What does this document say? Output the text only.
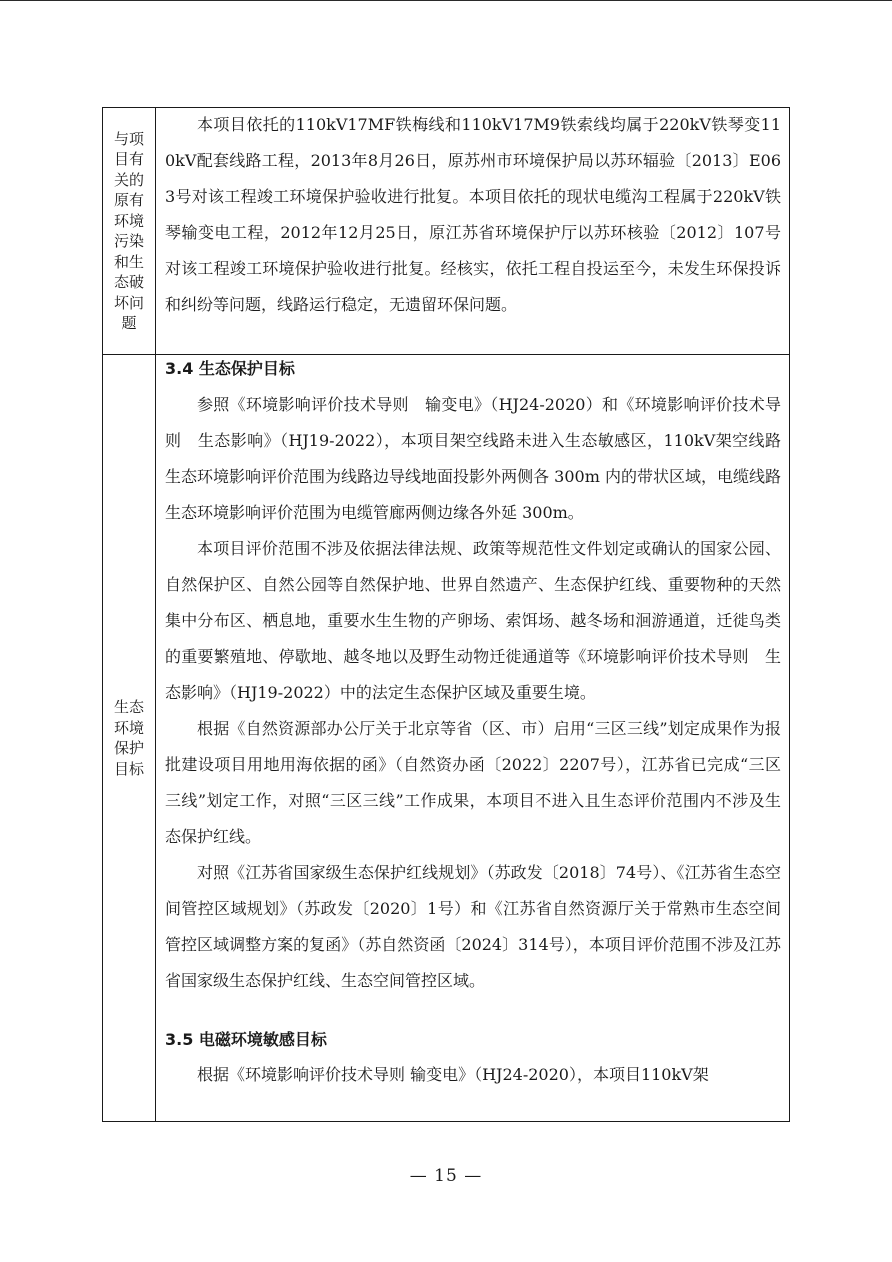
与项目有关的原有环境污染和生态破坏问题

本项目依托的110kV17MF铁梅线和110kV17M9铁索线均属于220kV铁琴变110kV配套线路工程，2013年8月26日，原苏州市环境保护局以苏环辐验〔2013〕E063号对该工程竣工环境保护验收进行批复。本项目依托的现状电缆沟工程属于220kV铁琴输变电工程，2012年12月25日，原江苏省环境保护厅以苏环核验〔2012〕107号对该工程竣工环境保护验收进行批复。经核实，依托工程自投运至今，未发生环保投诉和纠纷等问题，线路运行稳定，无遗留环保问题。

生态环境保护目标

3.4 生态保护目标

参照《环境影响评价技术导则　输变电》（HJ24-2020）和《环境影响评价技术导则　生态影响》（HJ19-2022），本项目架空线路未进入生态敏感区，110kV架空线路生态环境影响评价范围为线路边导线地面投影外两侧各 300m 内的带状区域，电缆线路生态环境影响评价范围为电缆管廊两侧边缘各外延 300m。

本项目评价范围不涉及依据法律法规、政策等规范性文件划定或确认的国家公园、自然保护区、自然公园等自然保护地、世界自然遗产、生态保护红线、重要物种的天然集中分布区、栖息地，重要水生生物的产卵场、索饵场、越冬场和洄游通道，迁徙鸟类的重要繁殖地、停歇地、越冬地以及野生动物迁徙通道等《环境影响评价技术导则　生态影响》（HJ19-2022）中的法定生态保护区域及重要生境。

根据《自然资源部办公厅关于北京等省（区、市）启用“三区三线”划定成果作为报批建设项目用地用海依据的函》（自然资办函〔2022〕2207号），江苏省已完成“三区三线”划定工作，对照“三区三线”工作成果，本项目不进入且生态评价范围内不涉及生态保护红线。

对照《江苏省国家级生态保护红线规划》（苏政发〔2018〕74号）、《江苏省生态空间管控区域规划》（苏政发〔2020〕1号）和《江苏省自然资源厅关于常熟市生态空间管控区域调整方案的复函》（苏自然资函〔2024〕314号），本项目评价范围不涉及江苏省国家级生态保护红线、生态空间管控区域。

3.5 电磁环境敏感目标

根据《环境影响评价技术导则 输变电》（HJ24-2020），本项目110kV架

— 15 —
